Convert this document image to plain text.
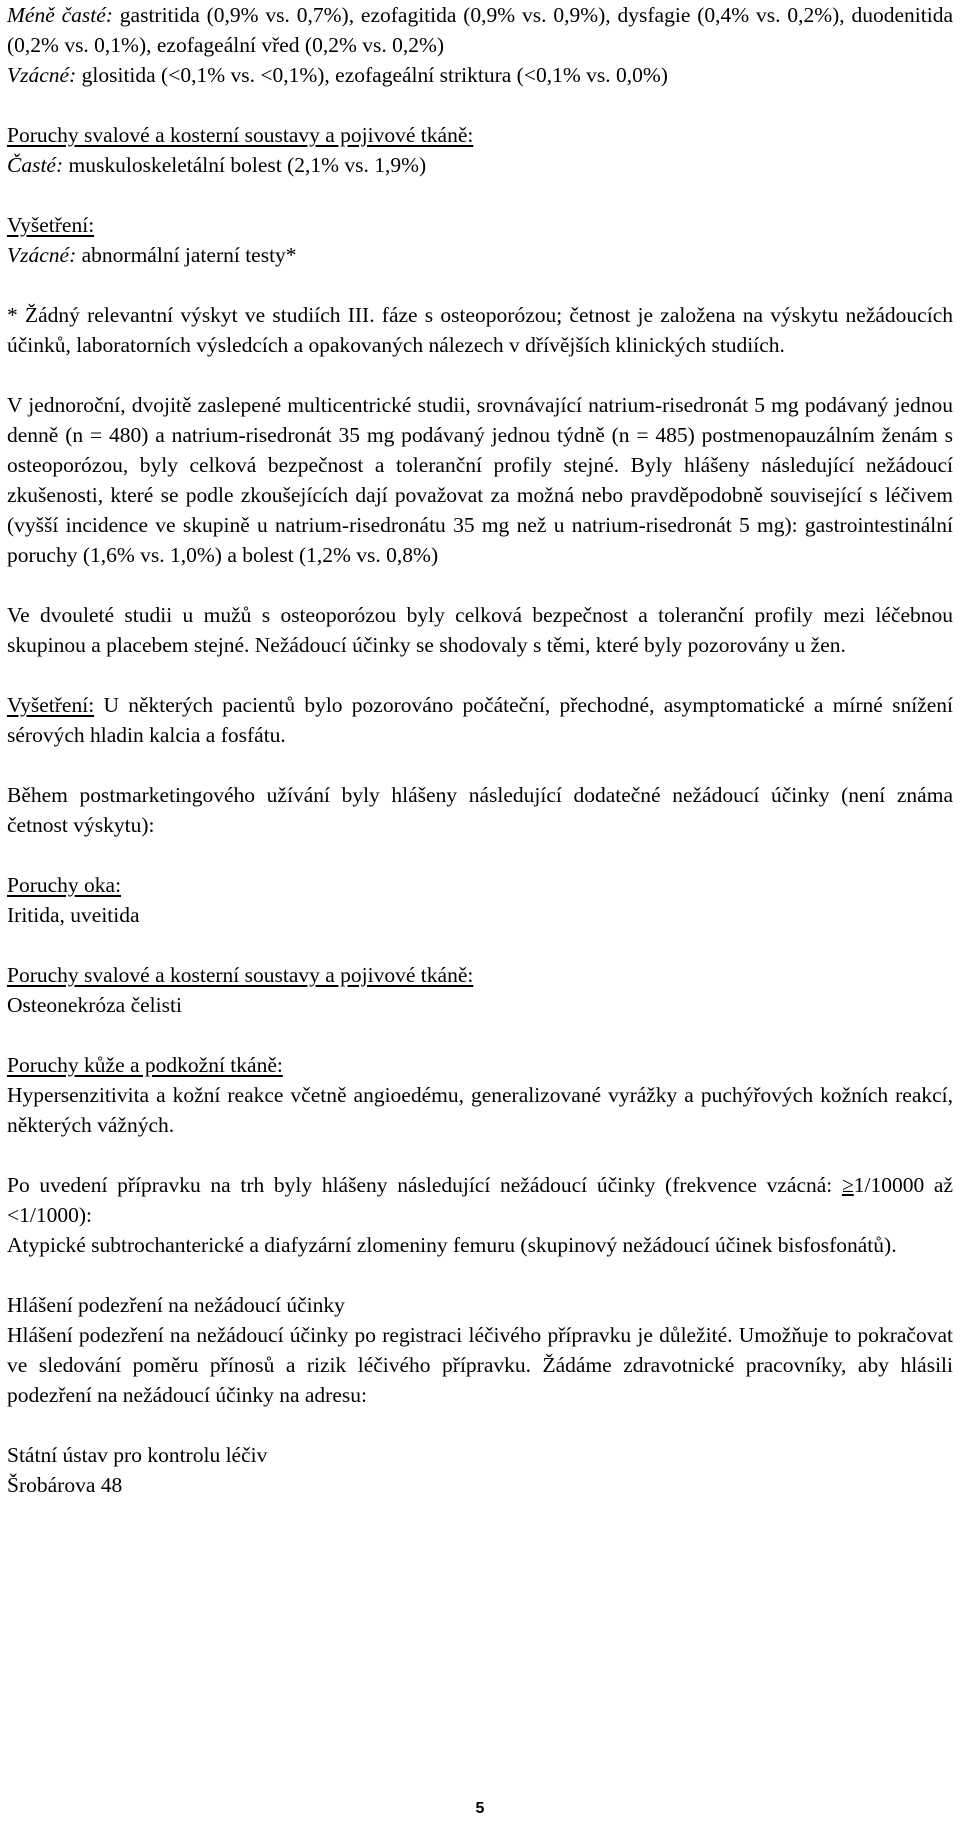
Méně časté: gastritida (0,9% vs. 0,7%), ezofagitida (0,9% vs. 0,9%), dysfagie (0,4% vs. 0,2%), duodenitida (0,2% vs. 0,1%), ezofageální vřed (0,2% vs. 0,2%)
Vzácné: glositida (<0,1% vs. <0,1%), ezofageální striktura (<0,1% vs. 0,0%)

Poruchy svalové a kosterní soustavy a pojivové tkáně:
Časté: muskuloskeletální bolest (2,1% vs. 1,9%)

Vyšetření:
Vzácné: abnormální jaterní testy*

* Žádný relevantní výskyt ve studiích III. fáze s osteoporózou; četnost je založena na výskytu nežádoucích účinků, laboratorních výsledcích a opakovaných nálezech v dřívějších klinických studiích.

V jednoroční, dvojitě zaslepené multicentrické studii, srovnávající natrium-risedronát 5 mg podávaný jednou denně (n = 480) a natrium-risedronát 35 mg podávaný jednou týdně (n = 485) postmenopauzálním ženám s osteoporózou, byly celková bezpečnost a toleranční profily stejné. Byly hlášeny následující nežádoucí zkušenosti, které se podle zkoušejících dají považovat za možná nebo pravděpodobně související s léčivem (vyšší incidence ve skupině u natrium-risedronátu 35 mg než u natrium-risedronát 5 mg): gastrointestinální poruchy (1,6% vs. 1,0%) a bolest (1,2% vs. 0,8%)

Ve dvouleté studii u mužů s osteoporózou byly celková bezpečnost a toleranční profily mezi léčebnou skupinou a placebem stejné. Nežádoucí účinky se shodovaly s těmi, které byly pozorovány u žen.

Vyšetření: U některých pacientů bylo pozorováno počáteční, přechodné, asymptomatické a mírné snížení sérových hladin kalcia a fosfátu.

Během postmarketingového užívání byly hlášeny následující dodatečné nežádoucí účinky (není známa četnost výskytu):

Poruchy oka:
Iritida, uveitida

Poruchy svalové a kosterní soustavy a pojivové tkáně:
Osteonekróza čelisti

Poruchy kůže a podkožní tkáně:
Hypersenzitivita a kožní reakce včetně angioedému, generalizované vyrážky a puchýřových kožních reakcí, některých vážných.

Po uvedení přípravku na trh byly hlášeny následující nežádoucí účinky (frekvence vzácná: ≥1/10000 až <1/1000):
Atypické subtrochanterické a diafyzární zlomeniny femuru (skupinový nežádoucí účinek bisfosfonátů).

Hlášení podezření na nežádoucí účinky
Hlášení podezření na nežádoucí účinky po registraci léčivého přípravku je důležité. Umožňuje to pokračovat ve sledování poměru přínosů a rizik léčivého přípravku. Žádáme zdravotnické pracovníky, aby hlásili podezření na nežádoucí účinky na adresu:

Státní ústav pro kontrolu léčiv
Šrobárova 48

5
